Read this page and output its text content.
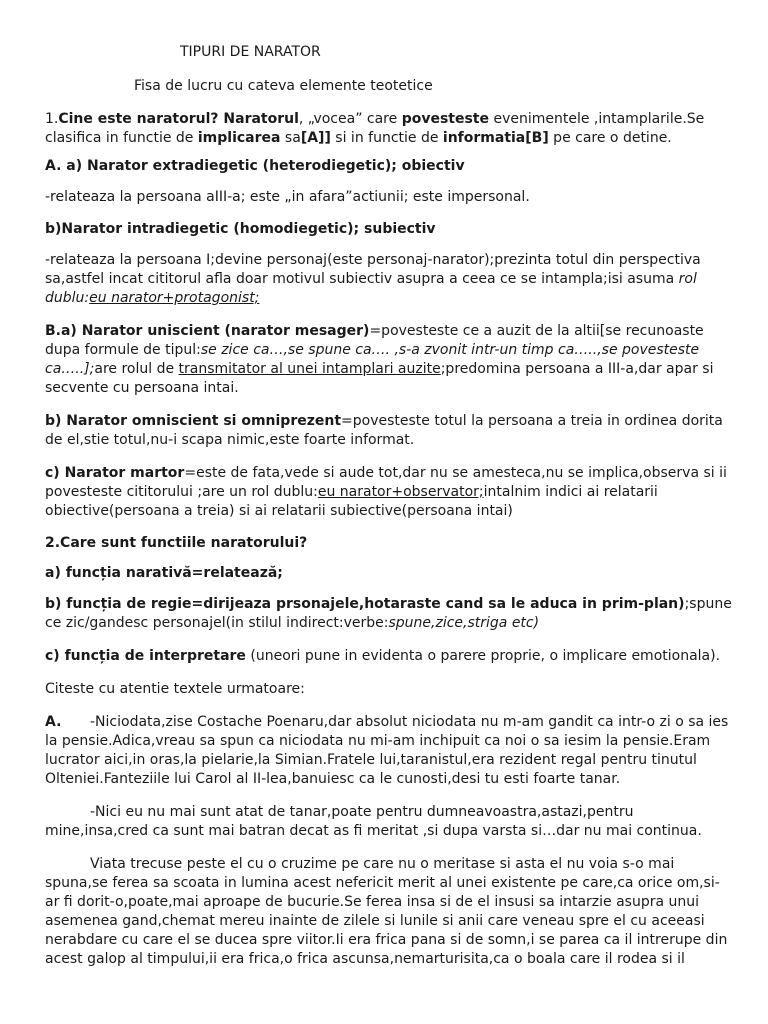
TIPURI DE NARATOR
Fisa de lucru cu cateva elemente teotetice
1.Cine este naratorul? Naratorul, „vocea” care povesteste evenimentele ,intamplarile.Se
clasifica in functie de implicarea sa[A]] si in functie de informatia[B] pe care o detine.
A. a) Narator extradiegetic (heterodiegetic); obiectiv
-relateaza la persoana aIII-a; este „in afara”actiunii; este impersonal.
b)Narator intradiegetic (homodiegetic); subiectiv
-relateaza la persoana I;devine personaj(este personaj-narator);prezinta totul din perspectiva
sa,astfel incat cititorul afla doar motivul subiectiv asupra a ceea ce se intampla;isi asuma rol
dublu:eu narator+protagonist;
B.a) Narator uniscient (narator mesager)=povesteste ce a auzit de la altii[se recunoaste
dupa formule de tipul:se zice ca…,se spune ca…. ,s-a zvonit intr-un timp ca…..,se povesteste
ca…..];are rolul de transmitator al unei intamplari auzite;predomina persoana a III-a,dar apar si
secvente cu persoana intai.
b) Narator omniscient si omniprezent=povesteste totul la persoana a treia in ordinea dorita
de el,stie totul,nu-i scapa nimic,este foarte informat.
c) Narator martor=este de fata,vede si aude tot,dar nu se amesteca,nu se implica,observa si ii
povesteste cititorului ;are un rol dublu:eu narator+observator;intalnim indici ai relatarii
obiective(persoana a treia) si ai relatarii subiective(persoana intai)
2.Care sunt functiile naratorului?
a) funcția narativă=relatează;
b) funcția de regie=dirijeaza prsonajele,hotaraste cand sa le aduca in prim-plan);spune
ce zic/gandesc personajel(in stilul indirect:verbe:spune,zice,striga etc)
c) funcția de interpretare (uneori pune in evidenta o parere proprie, o implicare emotionala).
Citeste cu atentie textele urmatoare:
A. -Niciodata,zise Costache Poenaru,dar absolut niciodata nu m-am gandit ca intr-o zi o sa ies
la pensie.Adica,vreau sa spun ca niciodata nu mi-am inchipuit ca noi o sa iesim la pensie.Eram
lucrator aici,in oras,la pielarie,la Simian.Fratele lui,taranistul,era rezident regal pentru tinutul
Olteniei.Fanteziile lui Carol al II-lea,banuiesc ca le cunosti,desi tu esti foarte tanar.
-Nici eu nu mai sunt atat de tanar,poate pentru dumneavoastra,astazi,pentru
mine,insa,cred ca sunt mai batran decat as fi meritat ,si dupa varsta si…dar nu mai continua.
Viata trecuse peste el cu o cruzime pe care nu o meritase si asta el nu voia s-o mai
spuna,se ferea sa scoata in lumina acest nefericit merit al unei existente pe care,ca orice om,si-
ar fi dorit-o,poate,mai aproape de bucurie.Se ferea insa si de el insusi sa intarzie asupra unui
asemenea gand,chemat mereu inainte de zilele si lunile si anii care veneau spre el cu aceeasi
nerabdare cu care el se ducea spre viitor.Ii era frica pana si de somn,i se parea ca il intrerupe din
acest galop al timpului,ii era frica,o frica ascunsa,nemarturisita,ca o boala care il rodea si il
